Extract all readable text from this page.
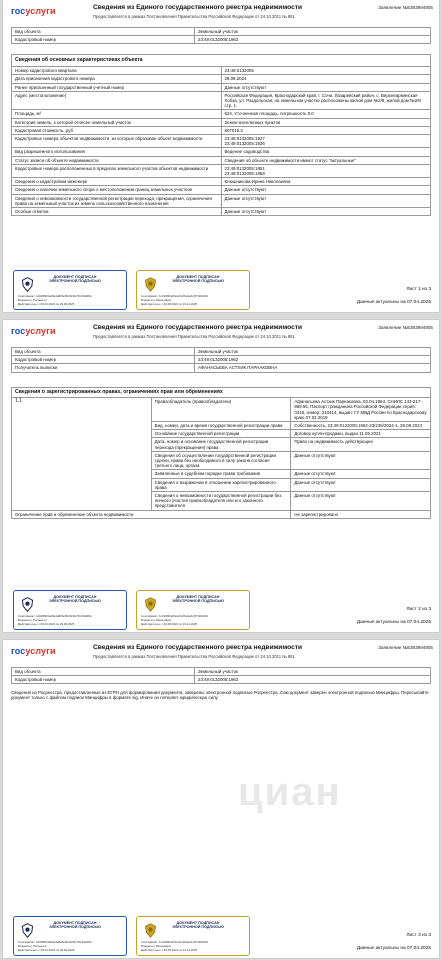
госуслуги	Сведения из Единого государственного реестра недвижимости
Предоставляется в рамках Постановления Правительства Российской Федерации от 24.10.2011 № 861
Заявление №5393994905
Вид объекта	Земельный участок
Кадастровый номер	23:49:0132005:1962
Сведения об основных характеристиках объекта	
Номер кадастрового квартала	23:49:0132005
Дата присвоения кадастрового номера	28.08.2024
Ранее присвоенный государственный учетный номер	Данные отсутствуют
Адрес (местоположение)	Российская Федерация, Краснодарский край, г. Сочи, Лазаревский район, с. Верхнеармянская Хобза, ул. Раздольская, на земельном участке расположены жилой дом №2/8, жилой дом №2/8 стр. 1
Площадь, м²	624, Уточненная площадь, погрешность 9.0
Категория земель, к которой отнесен земельный участок	Земли населенных пунктов
Кадастровая стоимость, руб	807019.2
Кадастровые номера объектов недвижимости, из которых образован объект недвижимости	23:49:0132005:1927
23:49:0132005:1926
Вид разрешенного использования	Ведение садоводства
Статус записи об объекте недвижимости	Сведения об объекте недвижимости имеют статус "актуальные"
Кадастровые номера расположенных в пределах земельного участка объектов недвижимости	23:49:0132005:1851
23:49:0132005:1858
Сведения о кадастровом инженере	Клюшникова Ирина Николаевна
Сведения о наличии земельного спора о местоположении границ земельных участков	Данные отсутствуют
Сведения о невозможности государственной регистрации перехода, прекращения, ограничения права на земельный участок из земель сельскохозяйственного назначения	Данные отсутствуют
Особые отметки	Данные отсутствуют
ДОКУМЕНТ ПОДПИСАН ЭЛЕКТРОННОЙ ПОДПИСЬЮ
Сертификат: 1d0d59b3ad9a4a8b6e5b30c9e7f2149a5f4c
Владелец: Росреестр
Действителен: с 09.04.2024 по 29.06.2025
ДОКУМЕНТ ПОДПИСАН ЭЛЕКТРОННОЙ ПОДПИСЬЮ
Сертификат: 1c0189b3e5a1c6cd9a4e4c3f7d0b2f01
Владелец: Минцифры
Действителен: с 20.08.2024 по 13.11.2025
Лист 1 из 3
Данные актуальны на 07.04.2025
госуслуги	Сведения из Единого государственного реестра недвижимости
Предоставляется в рамках Постановления Правительства Российской Федерации от 24.10.2011 № 861
Заявление №5393994905
Вид объекта	Земельный участок
Кадастровый номер	23:49:0132005:1962
Получатель выписки	АФАНАСЬЕВА АСТХИК ПАРНАКОВНА
Сведения о зарегистрированных правах, ограничениях прав или обременениях		
1.1	Правообладатель (правообладатели)	Афанасьева Астхик Парнаковна, 03.04.1964, СНИЛС 143-217-889 55, Паспорт гражданина Российской Федерации серия: 0319, номер: 210414, выдан: ГУ МВД России по Краснодарскому краю 07.02.2019
	Вид, номер, дата и время государственной регистрации права	Собственность, 23:49:0132005:1962-23/236/2024-1, 28.08.2024
	Основание государственной регистрации	Договор купли-продажи, выдан 11.06.2021
	Дата, номер и основание государственной регистрации перехода (прекращения) права	Право на недвижимость действующее
	Сведения об осуществлении государственной регистрации сделки, права без необходимого в силу закона согласия третьего лица, органа	Данные отсутствуют
	Заявленные в судебном порядке права требования	Данные отсутствуют
	Сведения о возражении в отношении зарегистрированного права	Данные отсутствуют
	Сведения о невозможности государственной регистрации без личного участия правообладателя или его законного представителя	Данные отсутствуют
Ограничение прав и обременение объекта недвижимости		Не зарегистрировано
ДОКУМЕНТ ПОДПИСАН ЭЛЕКТРОННОЙ ПОДПИСЬЮ
Сертификат: 1d0d59b3ad9a4a8b6e5b30c9e7f2149a5f4c
Владелец: Росреестр
Действителен: с 09.04.2024 по 29.06.2025
ДОКУМЕНТ ПОДПИСАН ЭЛЕКТРОННОЙ ПОДПИСЬЮ
Сертификат: 1c0189b3e5a1c6cd9a4e4c3f7d0b2f01
Владелец: Минцифры
Действителен: с 20.08.2024 по 13.11.2025
Лист 2 из 3
Данные актуальны на 07.04.2025
госуслуги	Сведения из Единого государственного реестра недвижимости
Предоставляется в рамках Постановления Правительства Российской Федерации от 24.10.2011 № 861
Заявление №5393994905
Вид объекта	Земельный участок
Кадастровый номер	23:49:0132005:1962
Сведения из Росреестра, предоставленные из ЕГРН для формирования документа, заверены электронной подписью Росреестра. Сам документ заверен электронной подписью Минцифры. Пересылайте документ только с файлом подписи Минцифры в формате sig. Иначе он потеряет юридическую силу
циан
ДОКУМЕНТ ПОДПИСАН ЭЛЕКТРОННОЙ ПОДПИСЬЮ
Сертификат: 1d0d59b3ad9a4a8b6e5b30c9e7f2149a5f4c
Владелец: Росреестр
Действителен: с 09.04.2024 по 29.06.2025
ДОКУМЕНТ ПОДПИСАН ЭЛЕКТРОННОЙ ПОДПИСЬЮ
Сертификат: 1c0189b3e5a1c6cd9a4e4c3f7d0b2f01
Владелец: Минцифры
Действителен: с 20.08.2024 по 13.11.2025
Лист 3 из 3
Данные актуальны на 07.04.2025
